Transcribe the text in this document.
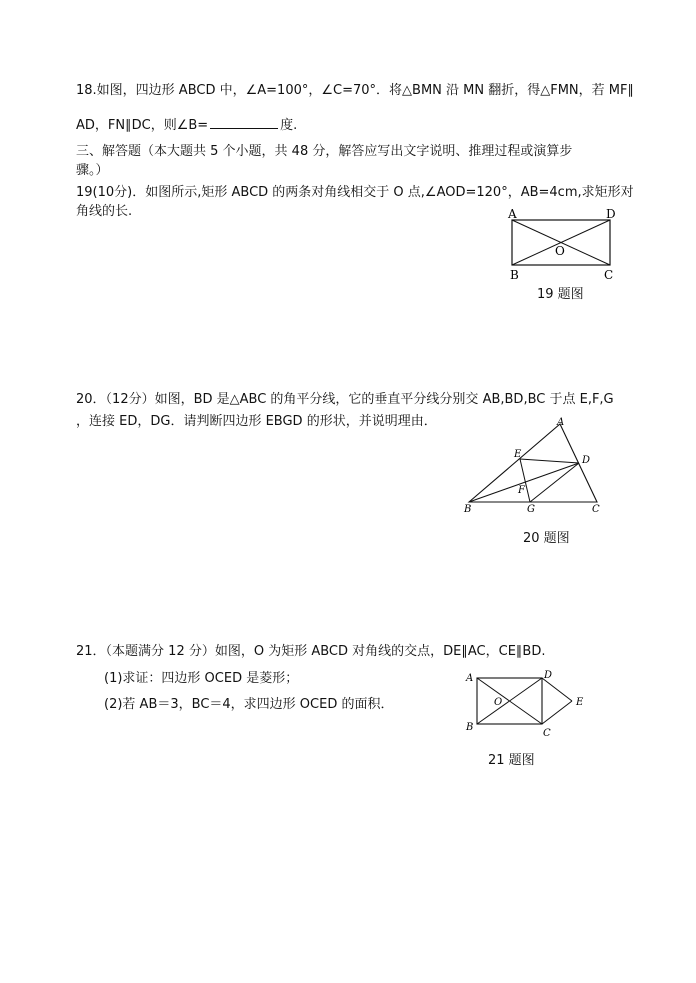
18.如图，四边形 ABCD 中，∠A=100°，∠C=70°．将△BMN 沿 MN 翻折，得△FMN，若 MF∥
AD，FN∥DC，则∠B=	度.
三、解答题（本大题共 5 个小题，共 48 分，解答应写出文字说明、推理过程或演算步
骤。）
19(10分)．如图所示,矩形 ABCD 的两条对角线相交于 O 点,∠AOD=120°，AB=4cm,求矩形对
角线的长.	A	D
B	C
O
19 题图
20．（12分）如图，BD 是△ABC 的角平分线，它的垂直平分线分别交 AB,BD,BC 于点 E,F,G
，连接 ED，DG．请判断四边形 EBGD 的形状，并说明理由．	A
B	C
D
E
F
G
20 题图
21．（本题满分 12 分）如图，O 为矩形 ABCD 对角线的交点，DE∥AC，CE∥BD.
(1)求证：四边形 OCED 是菱形；
(2)若 AB＝3，BC＝4，求四边形 OCED 的面积．
A
B
C
D
E
O
21 题图
